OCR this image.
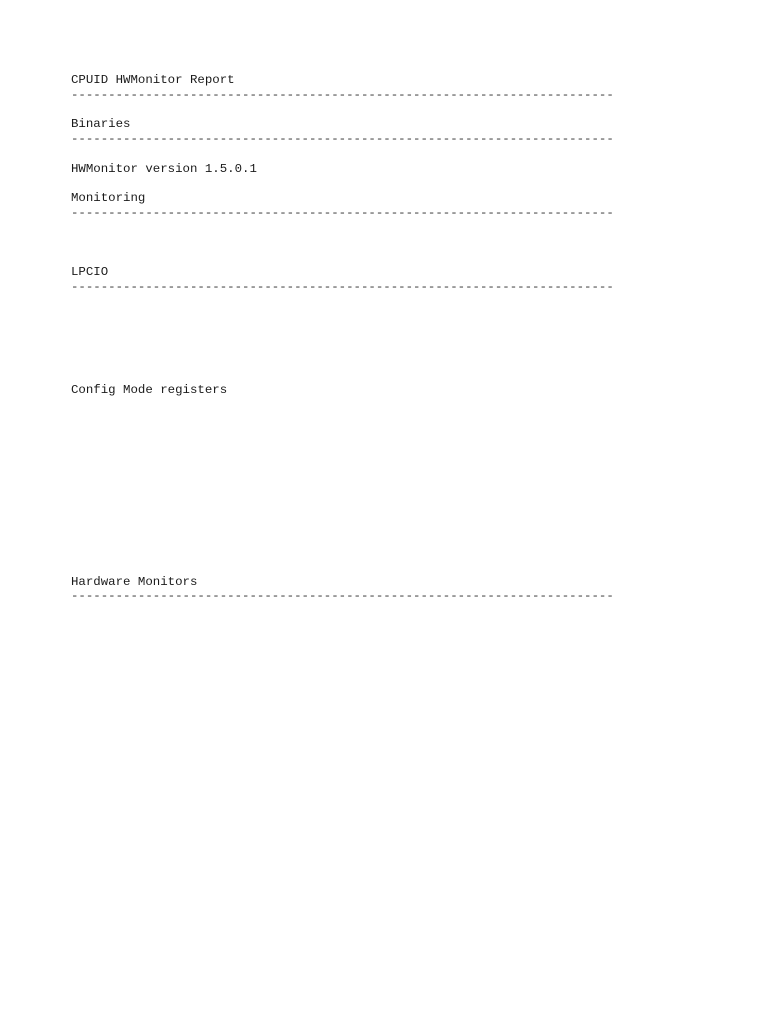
CPUID HWMonitor Report
-------------------------------------------------------------------------
Binaries
-------------------------------------------------------------------------
HWMonitor version 1.5.0.1
Monitoring
-------------------------------------------------------------------------

LPCIO
-------------------------------------------------------------------------

Config Mode registers

Hardware Monitors
-------------------------------------------------------------------------
